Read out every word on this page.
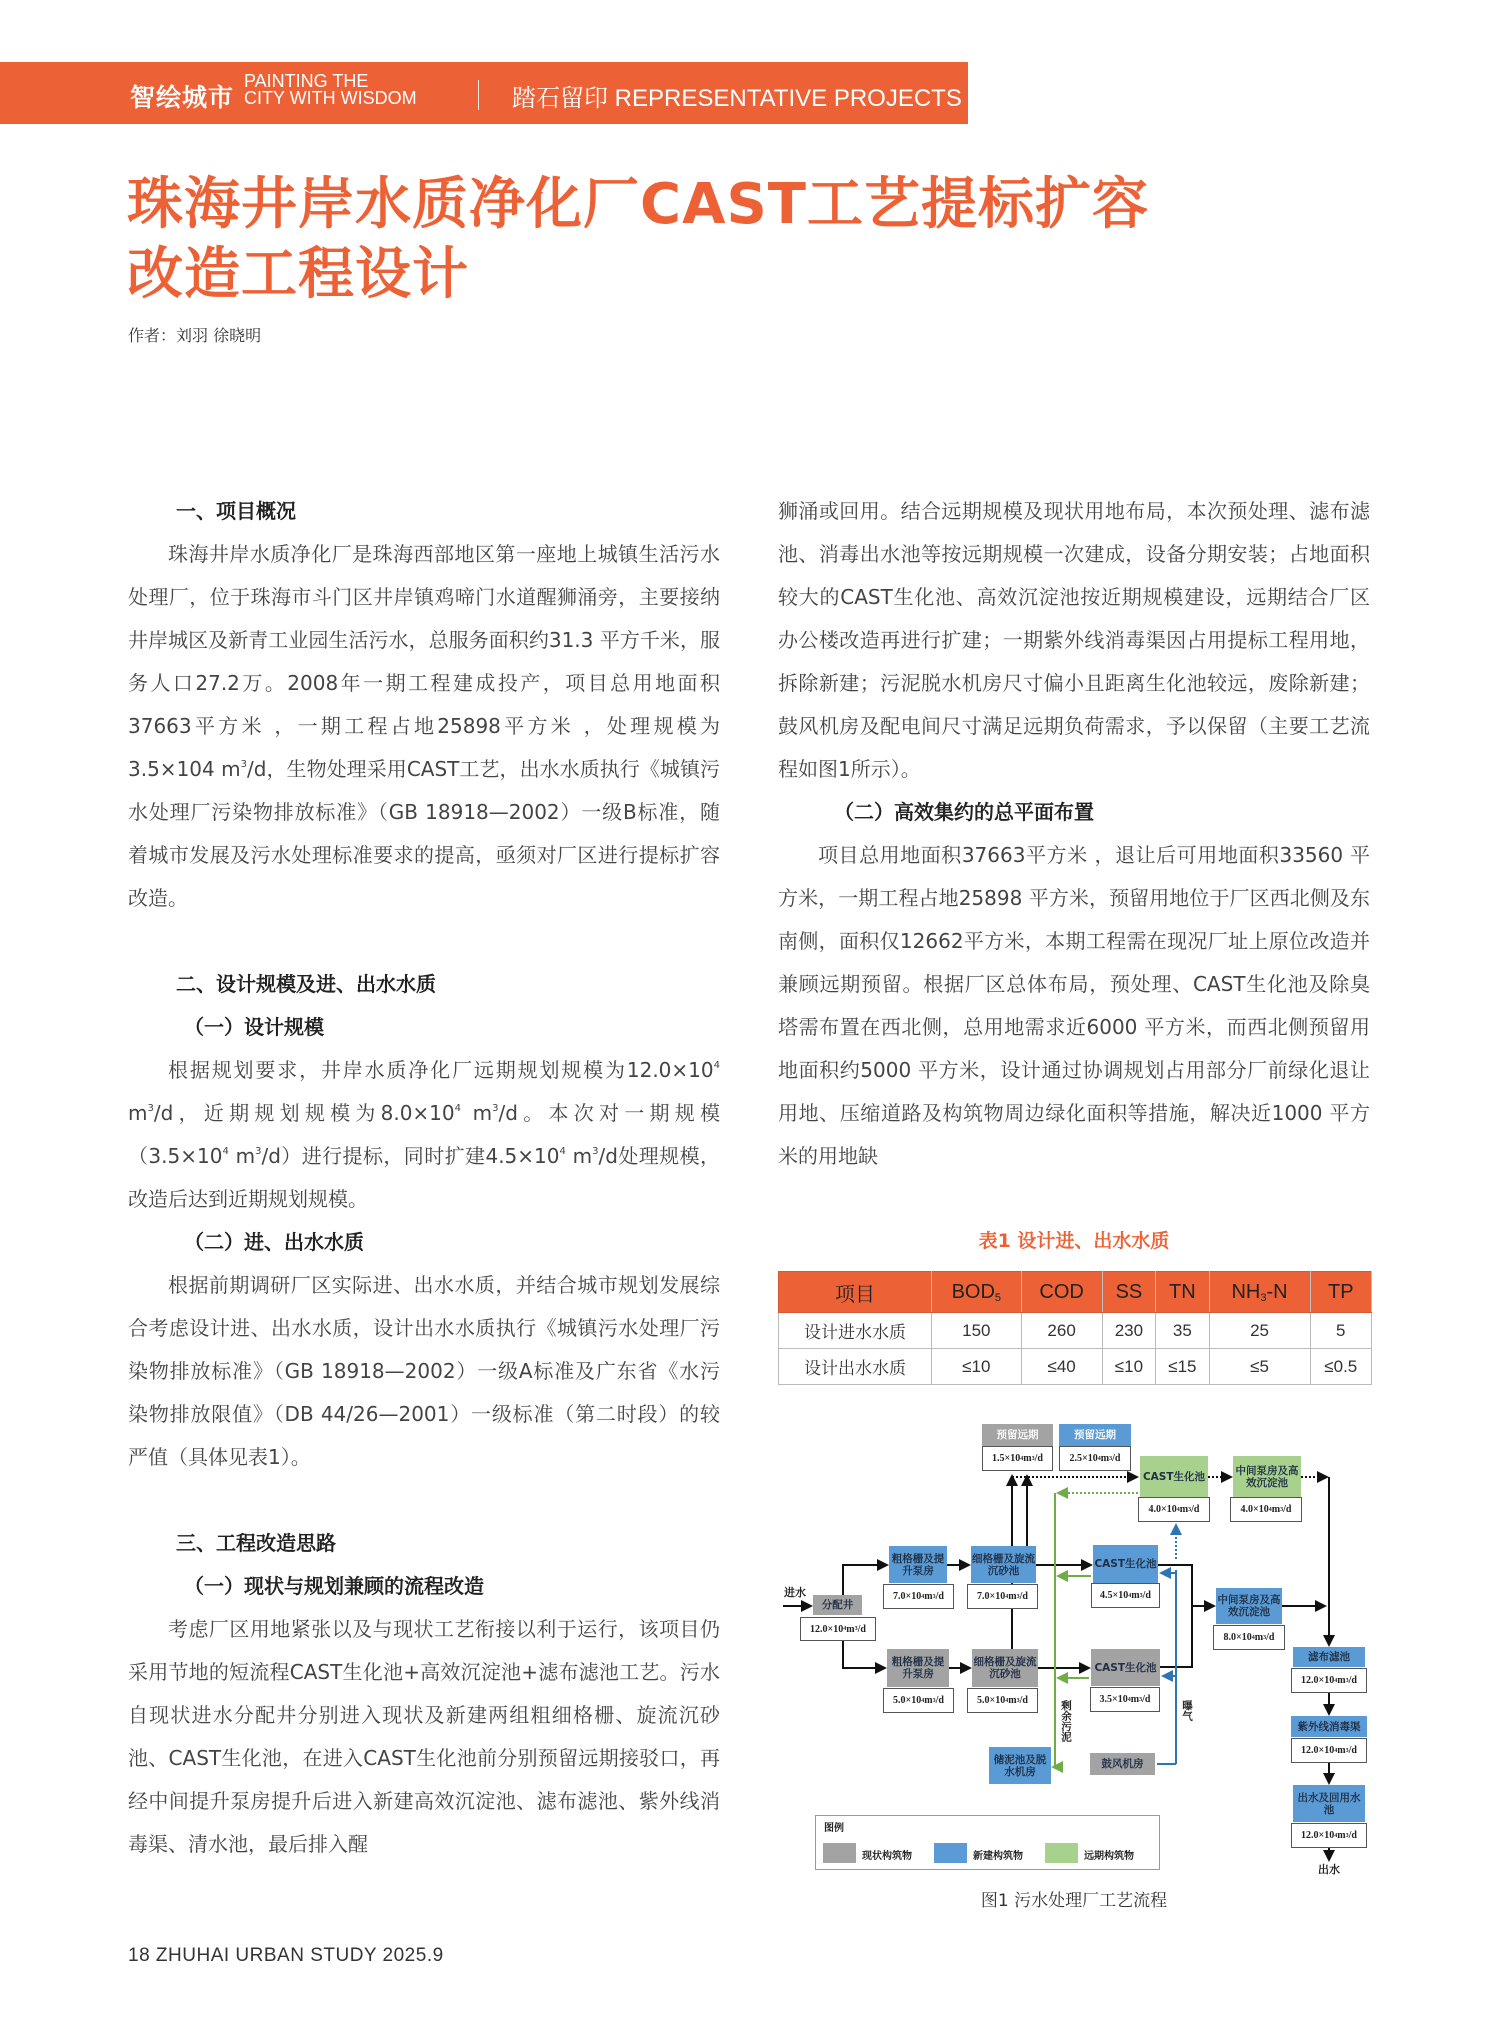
智绘城市
PAINTING THE
CITY WITH WISDOM	踏石留印 REPRESENTATIVE PROJECTS
珠海井岸水质净化厂CAST工艺提标扩容
改造工程设计
作者：刘羽 徐晓明
一、项目概况

珠海井岸水质净化厂是珠海西部地区第一座地上城镇生活污水处理厂，位于珠海市斗门区井岸镇鸡啼门水道醒狮涌旁，主要接纳井岸城区及新青工业园生活污水，总服务面积约31.3 平方千米，服务人口27.2万。2008年一期工程建成投产，项目总用地面积37663平方米 ，一期工程占地25898平方米 ，处理规模为3.5×104 $m^3/d$，生物处理采用CAST工艺，出水水质执行《城镇污水处理厂污染物排放标准》（GB 18918—2002）一级B标准，随着城市发展及污水处理标准要求的提高，亟须对厂区进行提标扩容改造。

二、设计规模及进、出水水质
（一）设计规模

根据规划要求，井岸水质净化厂远期规划规模为$12.0\times 10^4$ $m^3/d$，近期规划规模为$8.0\times 10^4$ $m^3/d$。本次对一期规模（$3.5\times 10^4$ $m^3/d$）进行提标，同时扩建$4.5\times 10^4$ $m^3/d$处理规模，改造后达到近期规划规模。

（二）进、出水水质

根据前期调研厂区实际进、出水水质，并结合城市规划发展综合考虑设计进、出水水质，设计出水水质执行《城镇污水处理厂污染物排放标准》（GB 18918—2002）一级A标准及广东省《水污染物排放限值》（DB 44/26—2001）一级标准（第二时段）的较严值（具体见表1）。

三、工程改造思路
（一）现状与规划兼顾的流程改造

考虑厂区用地紧张以及与现状工艺衔接以利于运行，该项目仍采用节地的短流程CAST生化池+高效沉淀池+滤布滤池工艺。污水自现状进水分配井分别进入现状及新建两组粗细格栅、旋流沉砂池、CAST生化池，在进入CAST生化池前分别预留远期接驳口，再经中间提升泵房提升后进入新建高效沉淀池、滤布滤池、紫外线消毒渠、清水池，最后排入醒

狮涌或回用。结合远期规模及现状用地布局，本次预处理、滤布滤池、消毒出水池等按远期规模一次建成，设备分期安装；占地面积较大的CAST生化池、高效沉淀池按近期规模建设，远期结合厂区办公楼改造再进行扩建；一期紫外线消毒渠因占用提标工程用地，拆除新建；污泥脱水机房尺寸偏小且距离生化池较远，废除新建；鼓风机房及配电间尺寸满足远期负荷需求，予以保留（主要工艺流程如图1所示）。

（二）高效集约的总平面布置

项目总用地面积37663平方米 ，退让后可用地面积33560 平方米，一期工程占地25898 平方米，预留用地位于厂区西北侧及东南侧，面积仅12662平方米，本期工程需在现况厂址上原位改造并兼顾远期预留。根据厂区总体布局，预处理、CAST生化池及除臭塔需布置在西北侧，总用地需求近6000 平方米，而西北侧预留用地面积约5000 平方米，设计通过协调规划占用部分厂前绿化退让用地、压缩道路及构筑物周边绿化面积等措施，解决近1000 平方米的用地缺

表1 设计进、出水水质
项目	$BOD_5$	COD	SS	TN	$NH_3-N$	TP
设计进水水质	150	260	230	35	25	5
设计出水水质	≤10	≤40	≤10	≤15	≤5	≤0.5
进水
分配井
12.0×10 4 m 3 /d
粗格栅及提升泵房
7.0×10 4 m 3 /d
细格栅及旋流沉砂池
7.0×10 4 m 3 /d
粗格栅及提升泵房
5.0×10 4 m 3 /d
细格栅及旋流沉砂池
5.0×10 4 m 3 /d
预留远期
1.5×10 4 m 3 /d
预留远期
2.5×10 4 m 3 /d
CAST生化池
4.0×10 4 m 3 /d
中间泵房及高效沉淀池
4.0×10 4 m 3 /d
CAST生化池
4.5×10 4 m 3 /d
CAST生化池
3.5×10 4 m 3 /d
中间泵房及高效沉淀池
8.0×10 4 m 3 /d
滤布滤池
12.0×10 4 m 3 /d
紫外线消毒渠
12.0×10 4 m 3 /d
出水及回用水池
12.0×10 4 m 3 /d
出水
储泥池及脱水机房
鼓风机房
剩余污泥	曝气
图例
现状构筑物	新建构筑物	远期构筑物
图1 污水处理厂工艺流程
18 ZHUHAI URBAN STUDY 2025.9
